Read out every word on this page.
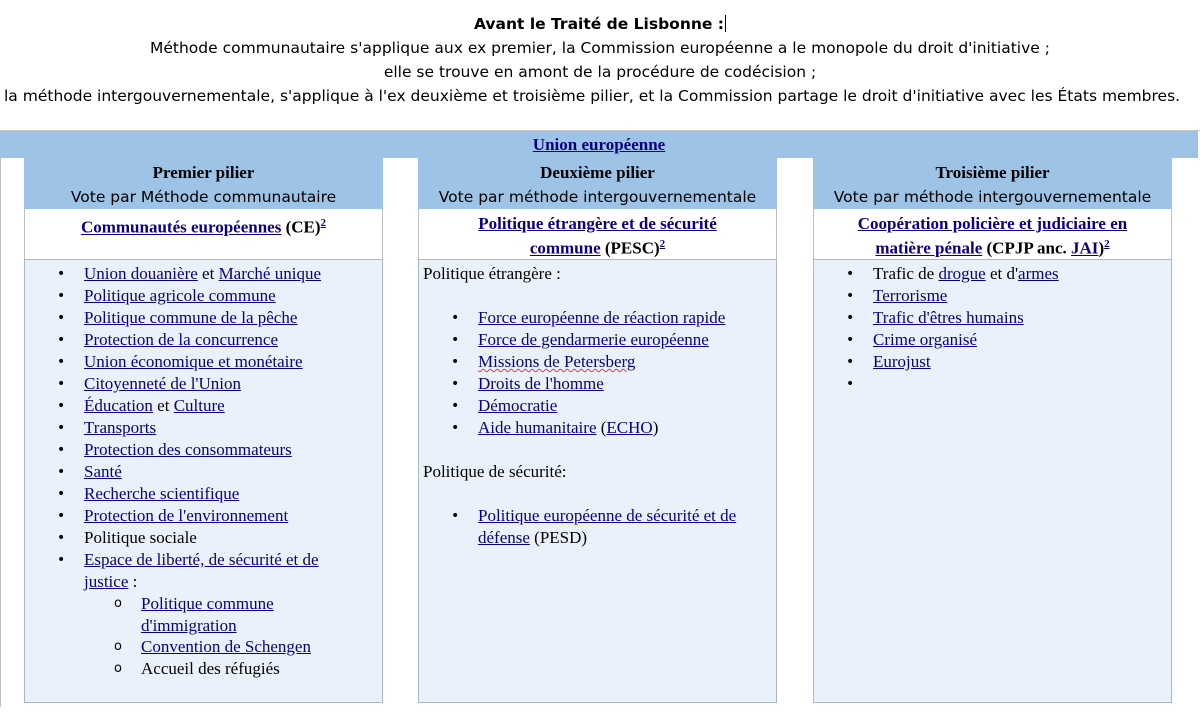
Avant le Traité de Lisbonne :
Méthode communautaire s'applique aux ex premier, la Commission européenne a le monopole du droit d'initiative ;
elle se trouve en amont de la procédure de codécision ;
la méthode intergouvernementale, s'applique à l'ex deuxième et troisième pilier, et la Commission partage le droit d'initiative avec les États membres.
Union européenne
Premier pilier
Vote par Méthode communautaire
Communautés européennes (CE)$^2$
• Union douanière et Marché unique
• Politique agricole commune
• Politique commune de la pêche
• Protection de la concurrence
• Union économique et monétaire
• Citoyenneté de l'Union
• Éducation et Culture
• Transports
• Protection des consommateurs
• Santé
• Recherche scientifique
• Protection de l'environnement
• Politique sociale
• Espace de liberté, de sécurité et de
justice :
o Politique commune
d'immigration
o Convention de Schengen
o Accueil des réfugiés
Deuxième pilier
Vote par méthode intergouvernementale
Politique étrangère et de sécurité
commune (PESC)$^2$
Politique étrangère :
• Force européenne de réaction rapide
• Force de gendarmerie européenne
• Missions de Petersberg
• Droits de l'homme
• Démocratie
• Aide humanitaire (ECHO)
Politique de sécurité:
• Politique européenne de sécurité et de
défense (PESD)
Troisième pilier
Vote par méthode intergouvernementale
Coopération policière et judiciaire en
matière pénale (CPJP anc. JAI)$^2$
• Trafic de drogue et d'armes
• Terrorisme
• Trafic d'êtres humains
• Crime organisé
• Eurojust
•
